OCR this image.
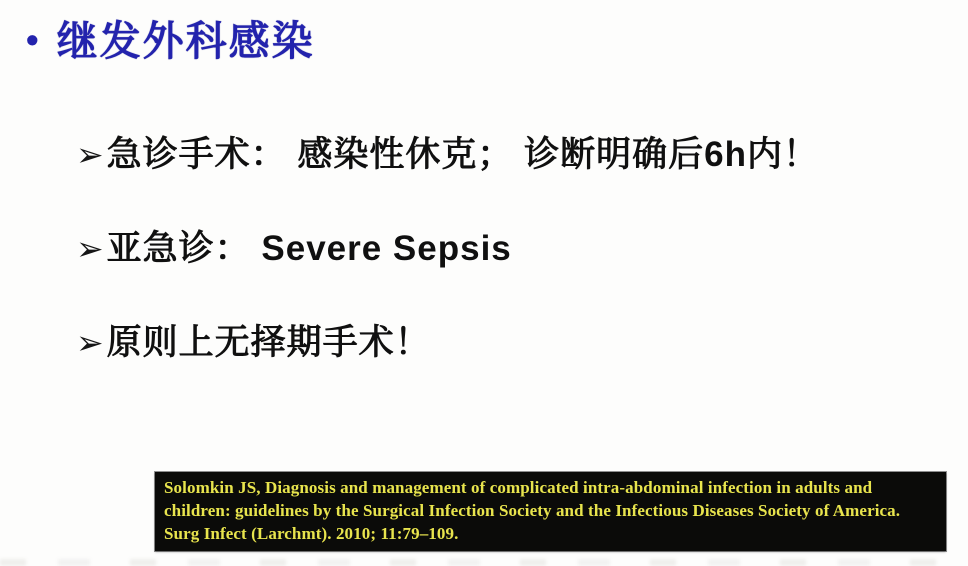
• 继发外科感染
➢ 急诊手术： 感染性休克； 诊断明确后6h内！
➢ 亚急诊： Severe Sepsis
➢ 原则上无择期手术！
Solomkin JS, Diagnosis and management of complicated intra-abdominal infection in adults and children: guidelines by the Surgical Infection Society and the Infectious Diseases Society of America. Surg Infect (Larchmt). 2010; 11:79–109.
